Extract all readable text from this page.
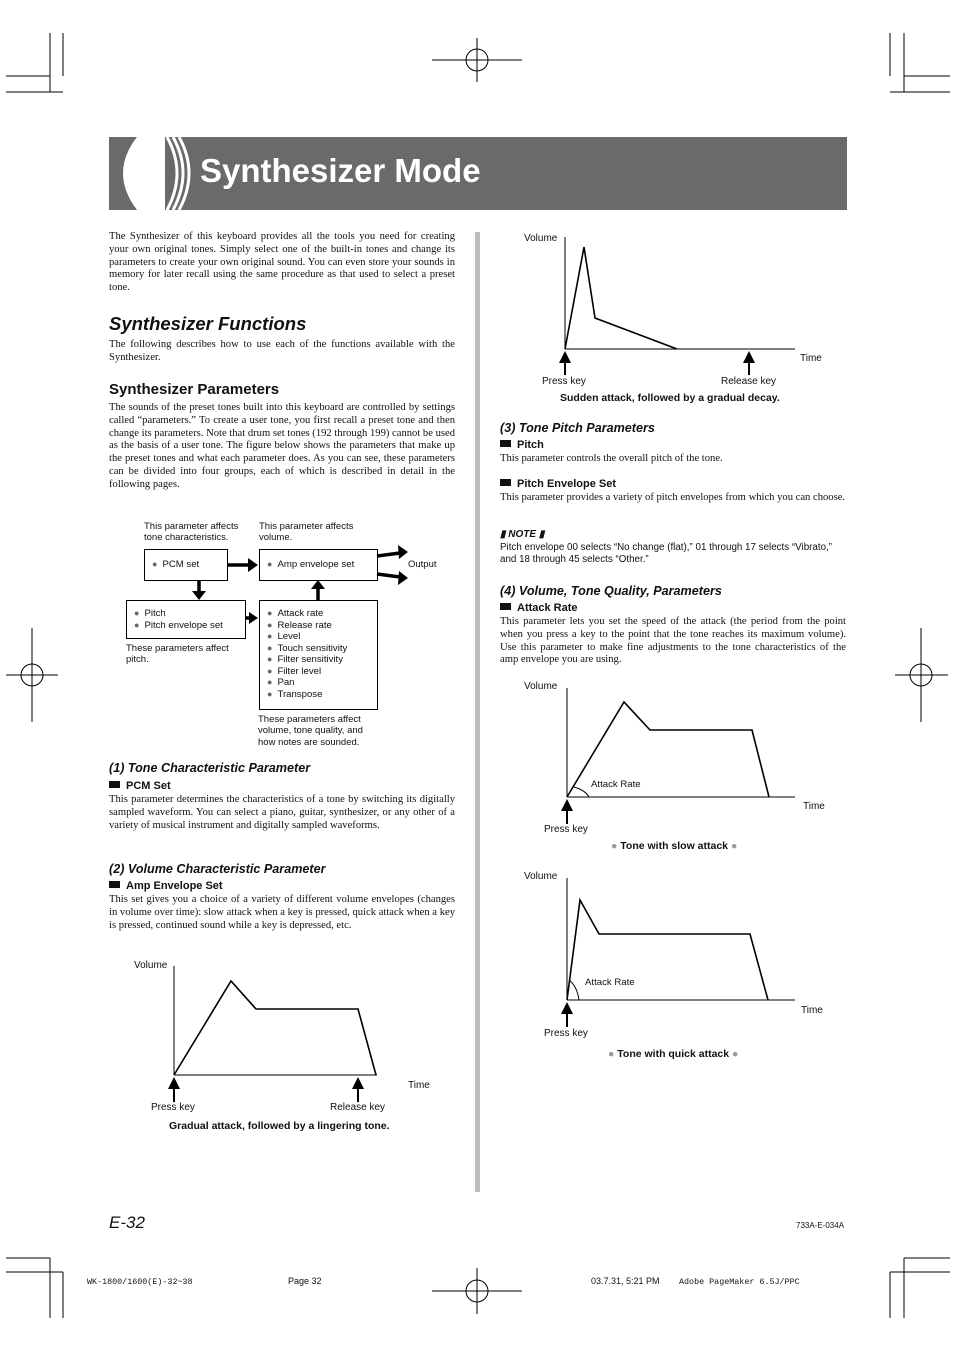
Synthesizer Mode
The Synthesizer of this keyboard provides all the tools you need for creating your own original tones. Simply select one of the built-in tones and change its parameters to create your own original sound. You can even store your sounds in memory for later recall using the same procedure as that used to select a preset tone.
Synthesizer Functions
The following describes how to use each of the functions available with the Synthesizer.
Synthesizer Parameters
The sounds of the preset tones built into this keyboard are controlled by settings called “parameters.” To create a user tone, you first recall a preset tone and then change its parameters. Note that drum set tones (192 through 199) cannot be used as the basis of a user tone. The figure below shows the parameters that make up the preset tones and what each parameter does. As you can see, these parameters can be divided into four groups, each of which is described in detail in the following pages.
This parameter affects tone characteristics.
This parameter affects volume.
● PCM set
●	Amp envelope set	Output
● Pitch
● Pitch envelope set
These parameters affect pitch.
● Attack rate
● Release rate
● Level
● Touch sensitivity
● Filter sensitivity
● Filter level
● Pan
● Transpose
These parameters affect volume, tone quality, and how notes are sounded.
(1) Tone Characteristic Parameter
PCM Set
This parameter determines the characteristics of a tone by switching its digitally sampled waveform. You can select a piano, guitar, synthesizer, or any other of a variety of musical instrument and digitally sampled waveforms.
(2) Volume Characteristic Parameter
Amp Envelope Set
This set gives you a choice of a variety of different volume envelopes (changes in volume over time): slow attack when a key is pressed, quick attack when a key is pressed, continued sound while a key is depressed, etc.
Volume
Time
Press key	Release key
Gradual attack, followed by a lingering tone.
Volume
Time
Press key	Release key
Sudden attack, followed by a gradual decay.
(3) Tone Pitch Parameters
Pitch
This parameter controls the overall pitch of the tone.
Pitch Envelope Set
This parameter provides a variety of pitch envelopes from which you can choose.
▮ NOTE ▮
Pitch envelope 00 selects “No change (flat),” 01 through 17 selects “Vibrato,” and 18 through 45 selects “Other.”
(4) Volume, Tone Quality, Parameters
Attack Rate
This parameter lets you set the speed of the attack (the period from the point when you press a key to the point that the tone reaches its maximum volume). Use this parameter to make fine adjustments to the tone characteristics of the amp envelope you are using.
Volume
Attack Rate
Time
Press key
● Tone with slow attack ●
Volume
Attack Rate
Time
Press key
● Tone with quick attack ●
E-32	733A-E-034A
WK-1800/1600(E)-32~38	Page 32	03.7.31, 5:21 PM Adobe PageMaker 6.5J/PPC
